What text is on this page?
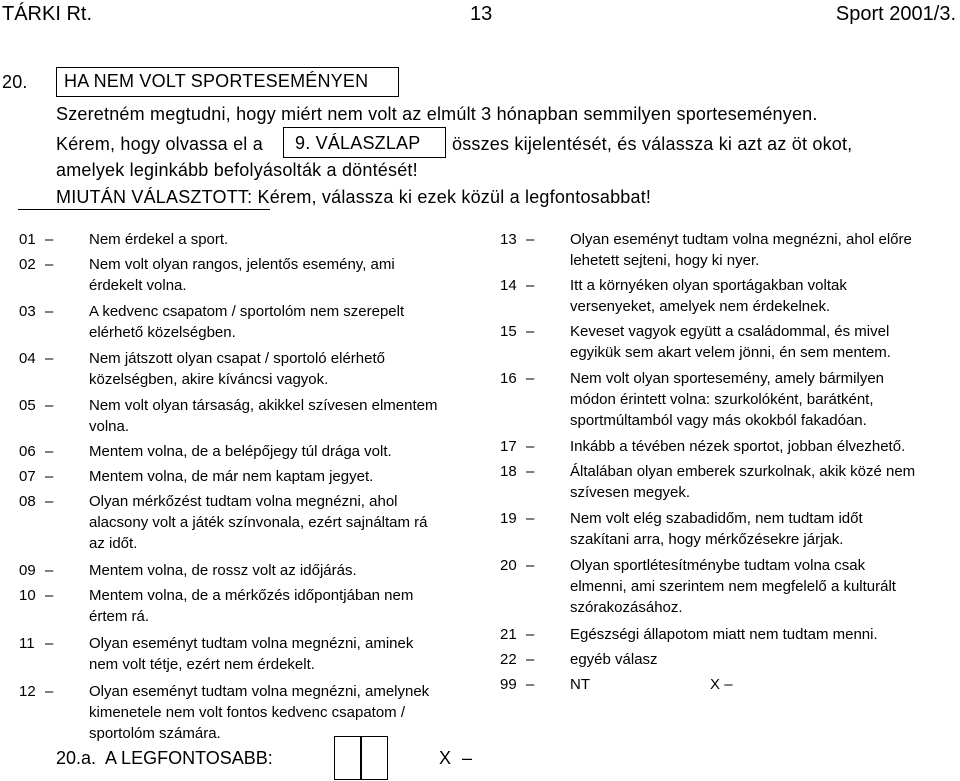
TÁRKI Rt.	13	Sport 2001/3.
20.	HA NEM VOLT SPORTESEMÉNYEN
Szeretném megtudni, hogy miért nem volt az elmúlt 3 hónapban semmilyen sporteseményen.
Kérem, hogy olvassa el a	9. VÁLASZLAP	összes kijelentését, és válassza ki azt az öt okot,
amelyek leginkább befolyásolták a döntését!
MIUTÁN VÁLASZTOTT: Kérem, válassza ki ezek közül a legfontosabbat!
01 – Nem érdekel a sport.
02 – Nem volt olyan rangos, jelentős esemény, ami
érdekelt volna.
03 – A kedvenc csapatom / sportolóm nem szerepelt
elérhető közelségben.
04 – Nem játszott olyan csapat / sportoló elérhető
közelségben, akire kíváncsi vagyok.
05 – Nem volt olyan társaság, akikkel szívesen elmentem
volna.
06 – Mentem volna, de a belépőjegy túl drága volt.
07 – Mentem volna, de már nem kaptam jegyet.
08 – Olyan mérkőzést tudtam volna megnézni, ahol
alacsony volt a játék színvonala, ezért sajnáltam rá
az időt.
09 – Mentem volna, de rossz volt az időjárás.
10 – Mentem volna, de a mérkőzés időpontjában nem
értem rá.
11 – Olyan eseményt tudtam volna megnézni, aminek
nem volt tétje, ezért nem érdekelt.
12 – Olyan eseményt tudtam volna megnézni, amelynek
kimenetele nem volt fontos kedvenc csapatom /
sportolóm számára.
13 – Olyan eseményt tudtam volna megnézni, ahol előre
lehetett sejteni, hogy ki nyer.
14 – Itt a környéken olyan sportágakban voltak
versenyeket, amelyek nem érdekelnek.
15 – Keveset vagyok együtt a családommal, és mivel
egyikük sem akart velem jönni, én sem mentem.
16 – Nem volt olyan sportesemény, amely bármilyen
módon érintett volna: szurkolóként, barátként,
sportmúltamból vagy más okokból fakadóan.
17 – Inkább a tévében nézek sportot, jobban élvezhető.
18 – Általában olyan emberek szurkolnak, akik közé nem
szívesen megyek.
19 – Nem volt elég szabadidőm, nem tudtam időt
szakítani arra, hogy mérkőzésekre járjak.
20 – Olyan sportlétesítménybe tudtam volna csak
elmenni, ami szerintem nem megfelelő a kulturált
szórakozásához.
21 – Egészségi állapotom miatt nem tudtam menni.
22 – egyéb válasz
99 – NT	X –
20.a.  A LEGFONTOSABB:	X –
